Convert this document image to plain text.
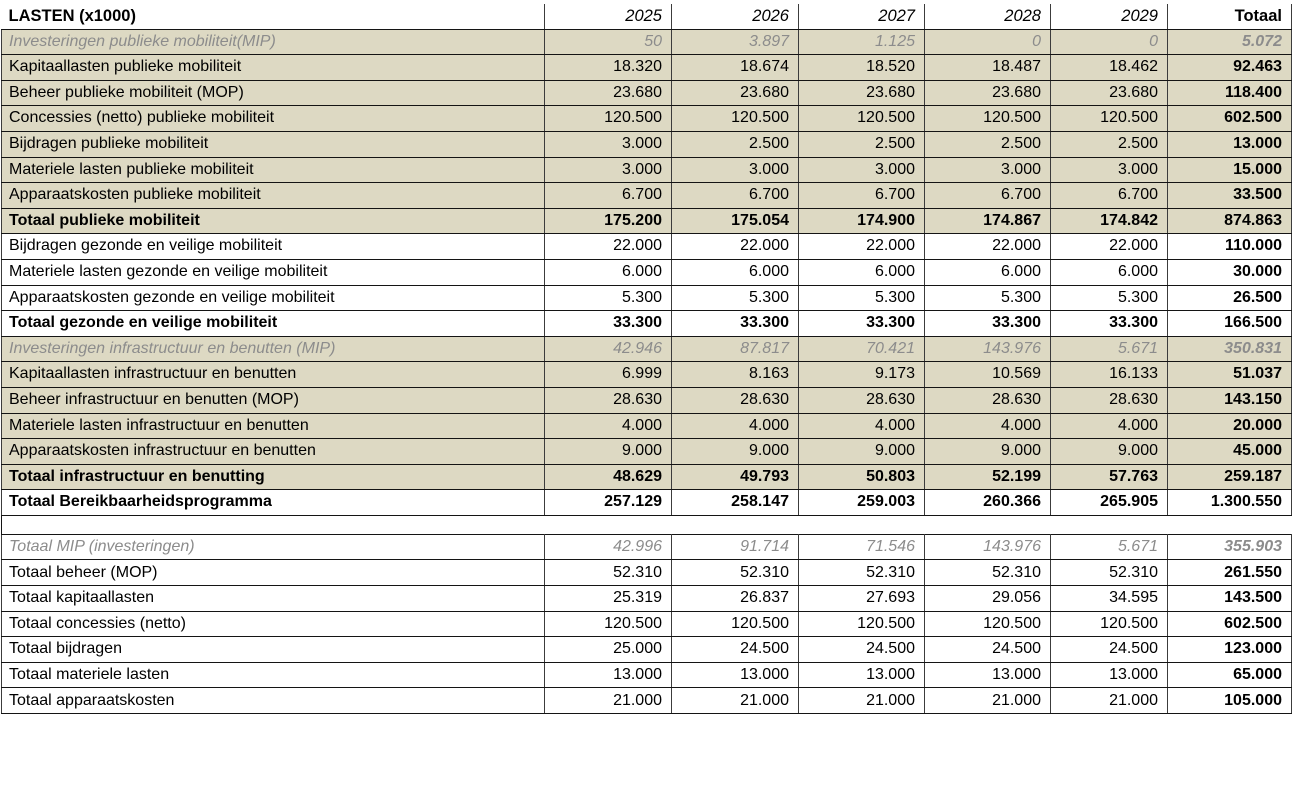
LASTEN (x1000)	2025	2026	2027	2028	2029	Totaal
Investeringen publieke mobiliteit(MIP)	50	3.897	1.125	0	0	5.072
Kapitaallasten publieke mobiliteit	18.320	18.674	18.520	18.487	18.462	92.463
Beheer publieke mobiliteit (MOP)	23.680	23.680	23.680	23.680	23.680	118.400
Concessies (netto) publieke mobiliteit	120.500	120.500	120.500	120.500	120.500	602.500
Bijdragen publieke mobiliteit	3.000	2.500	2.500	2.500	2.500	13.000
Materiele lasten publieke mobiliteit	3.000	3.000	3.000	3.000	3.000	15.000
Apparaatskosten publieke mobiliteit	6.700	6.700	6.700	6.700	6.700	33.500
Totaal publieke mobiliteit	175.200	175.054	174.900	174.867	174.842	874.863
Bijdragen gezonde en veilige mobiliteit	22.000	22.000	22.000	22.000	22.000	110.000
Materiele lasten gezonde en veilige mobiliteit	6.000	6.000	6.000	6.000	6.000	30.000
Apparaatskosten gezonde en veilige mobiliteit	5.300	5.300	5.300	5.300	5.300	26.500
Totaal gezonde en veilige mobiliteit	33.300	33.300	33.300	33.300	33.300	166.500
Investeringen infrastructuur en benutten (MIP)	42.946	87.817	70.421	143.976	5.671	350.831
Kapitaallasten infrastructuur en benutten	6.999	8.163	9.173	10.569	16.133	51.037
Beheer infrastructuur en benutten (MOP)	28.630	28.630	28.630	28.630	28.630	143.150
Materiele lasten infrastructuur en benutten	4.000	4.000	4.000	4.000	4.000	20.000
Apparaatskosten infrastructuur en benutten	9.000	9.000	9.000	9.000	9.000	45.000
Totaal infrastructuur en benutting	48.629	49.793	50.803	52.199	57.763	259.187
Totaal Bereikbaarheidsprogramma	257.129	258.147	259.003	260.366	265.905	1.300.550
Totaal MIP (investeringen)	42.996	91.714	71.546	143.976	5.671	355.903
Totaal beheer (MOP)	52.310	52.310	52.310	52.310	52.310	261.550
Totaal kapitaallasten	25.319	26.837	27.693	29.056	34.595	143.500
Totaal concessies (netto)	120.500	120.500	120.500	120.500	120.500	602.500
Totaal bijdragen	25.000	24.500	24.500	24.500	24.500	123.000
Totaal materiele lasten	13.000	13.000	13.000	13.000	13.000	65.000
Totaal apparaatskosten	21.000	21.000	21.000	21.000	21.000	105.000
